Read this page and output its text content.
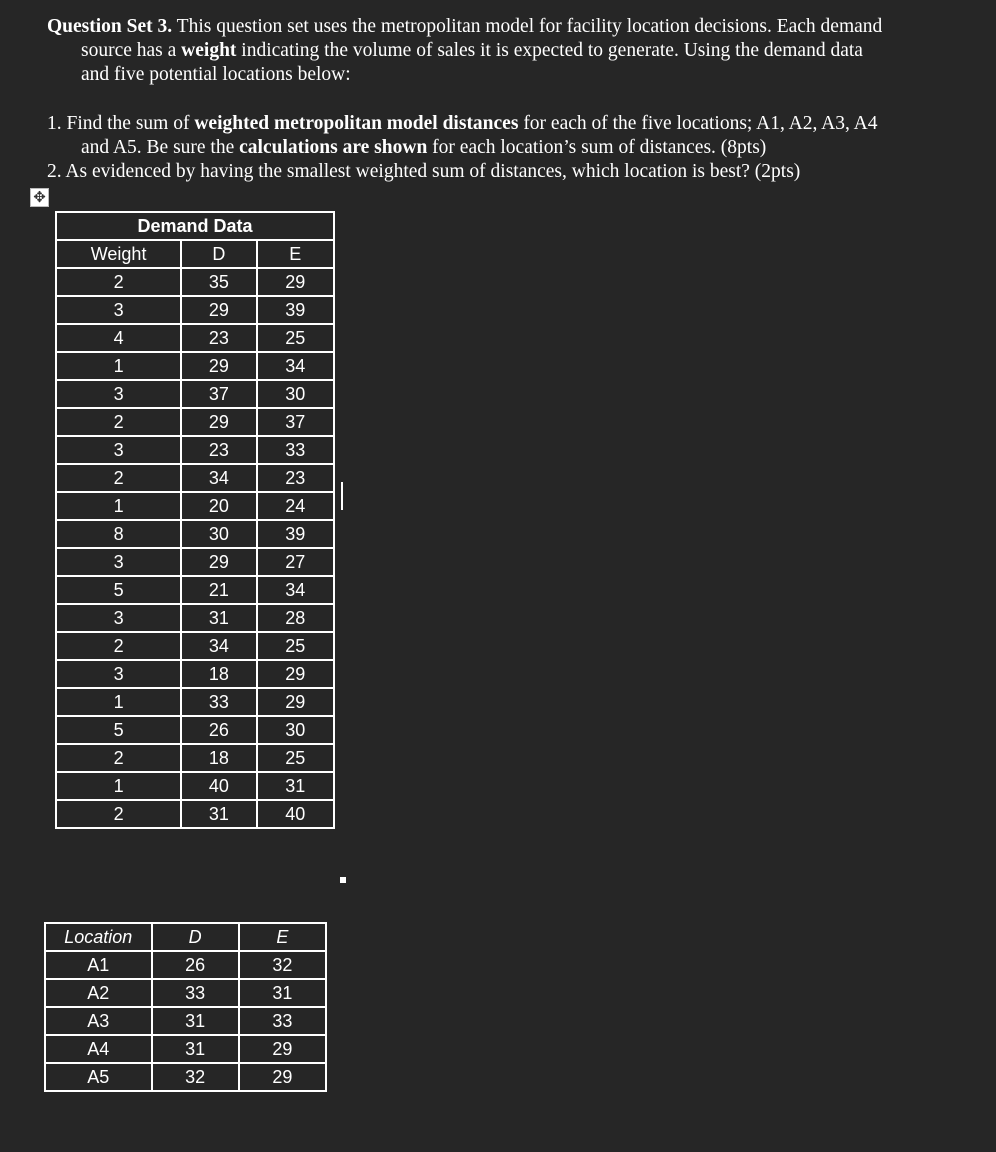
Question Set 3. This question set uses the metropolitan model for facility location decisions. Each demand
source has a weight indicating the volume of sales it is expected to generate. Using the demand data
and five potential locations below:
1. Find the sum of weighted metropolitan model distances for each of the five locations; A1, A2, A3, A4
and A5. Be sure the calculations are shown for each location’s sum of distances. (8pts)
2. As evidenced by having the smallest weighted sum of distances, which location is best? (2pts)
✥
Demand Data		
Weight	D	E
2	35	29
3	29	39
4	23	25
1	29	34
3	37	30
2	29	37
3	23	33
2	34	23
1	20	24
8	30	39
3	29	27
5	21	34
3	31	28
2	34	25
3	18	29
1	33	29
5	26	30
2	18	25
1	40	31
2	31	40
Location	D	E
A1	26	32
A2	33	31
A3	31	33
A4	31	29
A5	32	29
